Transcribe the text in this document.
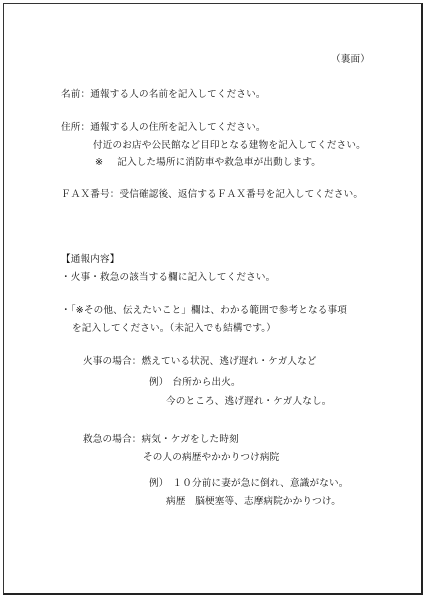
（裏面）
名前：通報する人の名前を記入してください。
住所：通報する人の住所を記入してください。
付近のお店や公民館など目印となる建物を記入してください。
※ 記入した場所に消防車や救急車が出動します。
ＦＡＸ番号：受信確認後、返信するＦＡＸ番号を記入してください。
【通報内容】
・火事・救急の該当する欄に記入してください。
・「※その他、伝えたいこと」欄は、わかる範囲で参考となる事項
を記入してください。（未記入でも結構です。）
火事の場合：燃えている状況、逃げ遅れ・ケガ人など
例） 台所から出火。
今のところ、逃げ遅れ・ケガ人なし。
救急の場合：病気・ケガをした時刻
その人の病歴やかかりつけ病院
例） １０分前に妻が急に倒れ、意識がない。
病歴　脳梗塞等、志摩病院かかりつけ。
